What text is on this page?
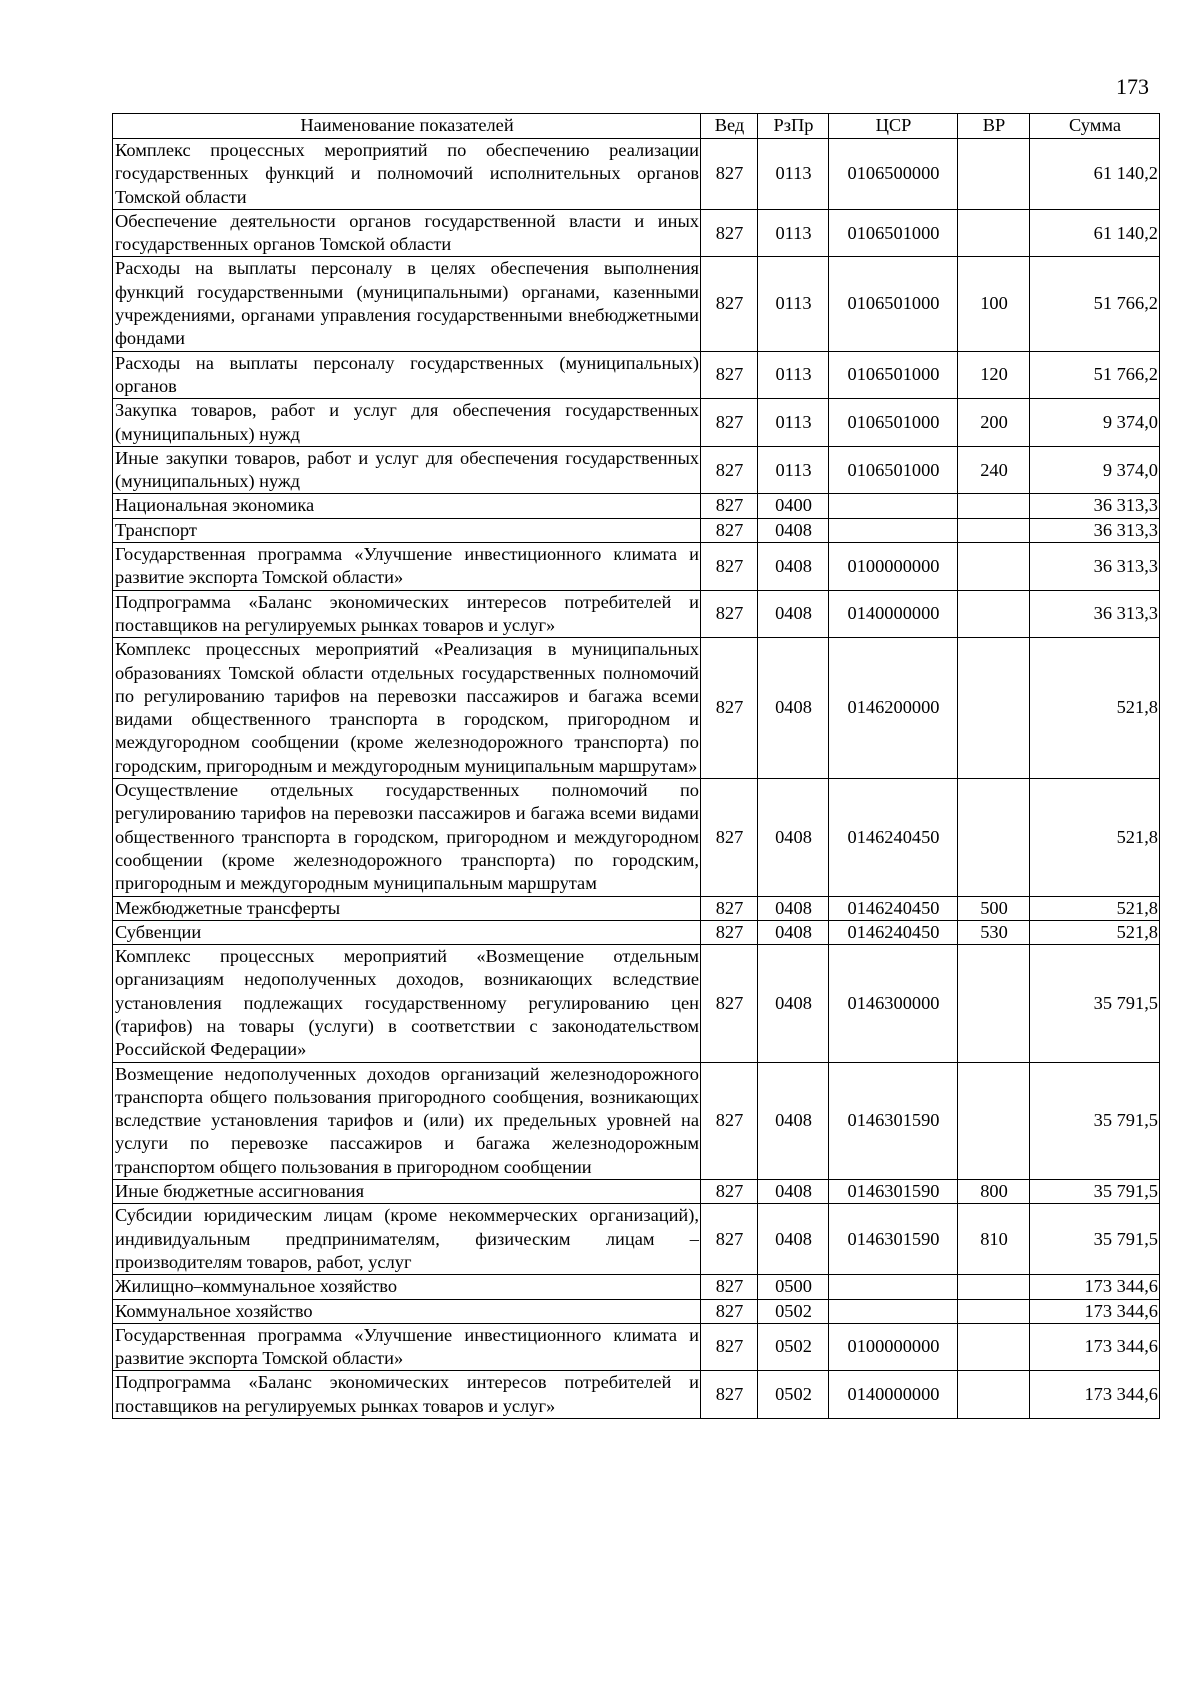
173
Наименование показателей	Вед	РзПр	ЦСР	ВР	Сумма
Комплекс процессных мероприятий по обеспечению реализации государственных функций и полномочий исполнительных органов Томской области	827	0113	0106500000		61 140,2
Обеспечение деятельности органов государственной власти и иных государственных органов Томской области	827	0113	0106501000		61 140,2
Расходы на выплаты персоналу в целях обеспечения выполнения функций государственными (муниципальными) органами, казенными учреждениями, органами управления государственными внебюджетными фондами	827	0113	0106501000	100	51 766,2
Расходы на выплаты персоналу государственных (муниципальных) органов	827	0113	0106501000	120	51 766,2
Закупка товаров, работ и услуг для обеспечения государственных (муниципальных) нужд	827	0113	0106501000	200	9 374,0
Иные закупки товаров, работ и услуг для обеспечения государственных (муниципальных) нужд	827	0113	0106501000	240	9 374,0
Национальная экономика	827	0400			36 313,3
Транспорт	827	0408			36 313,3
Государственная программа «Улучшение инвестиционного климата и развитие экспорта Томской области»	827	0408	0100000000		36 313,3
Подпрограмма «Баланс экономических интересов потребителей и поставщиков на регулируемых рынках товаров и услуг»	827	0408	0140000000		36 313,3
Комплекс процессных мероприятий «Реализация в муниципальных образованиях Томской области отдельных государственных полномочий по регулированию тарифов на перевозки пассажиров и багажа всеми видами общественного транспорта в городском, пригородном и междугородном сообщении (кроме железнодорожного транспорта) по городским, пригородным и междугородным муниципальным маршрутам»	827	0408	0146200000		521,8
Осуществление отдельных государственных полномочий по регулированию тарифов на перевозки пассажиров и багажа всеми видами общественного транспорта в городском, пригородном и междугородном сообщении (кроме железнодорожного транспорта) по городским, пригородным и междугородным муниципальным маршрутам	827	0408	0146240450		521,8
Межбюджетные трансферты	827	0408	0146240450	500	521,8
Субвенции	827	0408	0146240450	530	521,8
Комплекс процессных мероприятий «Возмещение отдельным организациям недополученных доходов, возникающих вследствие установления подлежащих государственному регулированию цен (тарифов) на товары (услуги) в соответствии с законодательством Российской Федерации»	827	0408	0146300000		35 791,5
Возмещение недополученных доходов организаций железнодорожного транспорта общего пользования пригородного сообщения, возникающих вследствие установления тарифов и (или) их предельных уровней на услуги по перевозке пассажиров и багажа железнодорожным транспортом общего пользования в пригородном сообщении	827	0408	0146301590		35 791,5
Иные бюджетные ассигнования	827	0408	0146301590	800	35 791,5
Субсидии юридическим лицам (кроме некоммерческих организаций), индивидуальным предпринимателям, физическим лицам – производителям товаров, работ, услуг	827	0408	0146301590	810	35 791,5
Жилищно–коммунальное хозяйство	827	0500			173 344,6
Коммунальное хозяйство	827	0502			173 344,6
Государственная программа «Улучшение инвестиционного климата и развитие экспорта Томской области»	827	0502	0100000000		173 344,6
Подпрограмма «Баланс экономических интересов потребителей и поставщиков на регулируемых рынках товаров и услуг»	827	0502	0140000000		173 344,6
